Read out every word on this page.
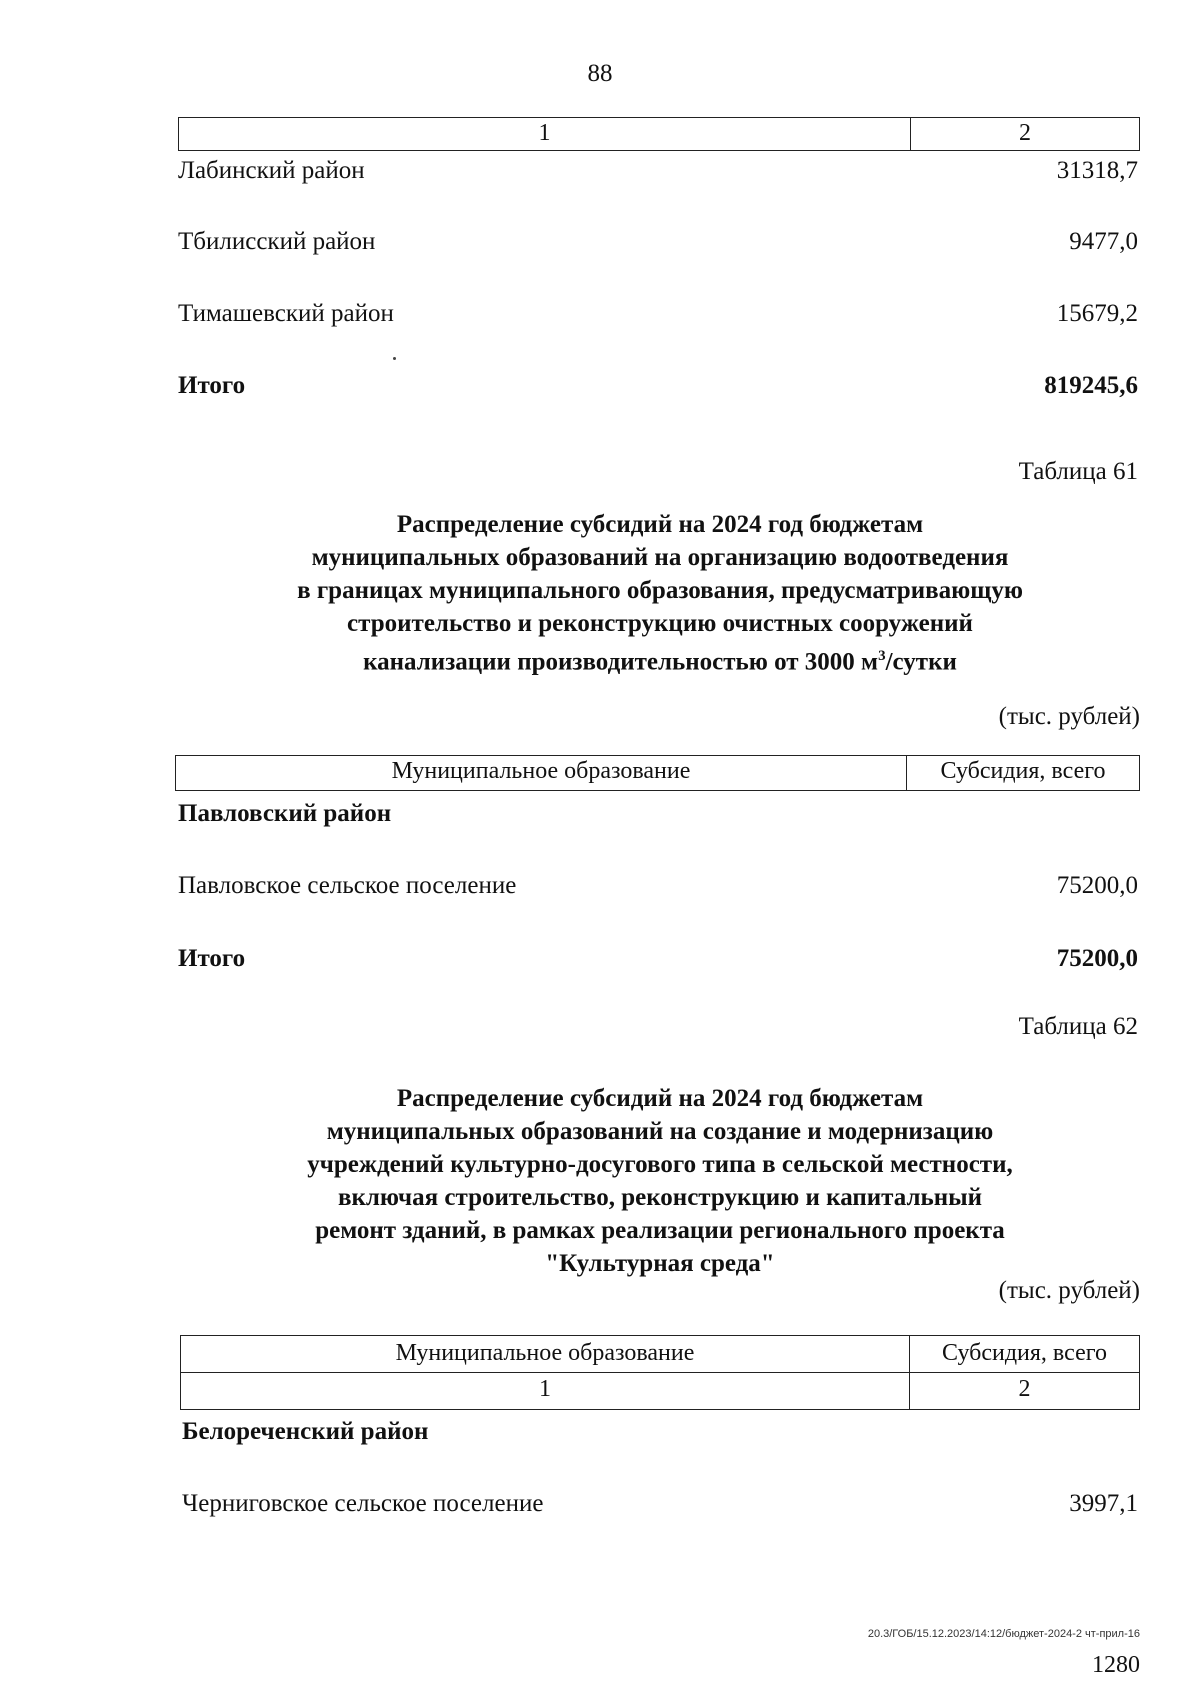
88
1	2
Лабинский район	31318,7
Тбилисский район	9477,0
Тимашевский район	15679,2
Итого	819245,6
Таблица 61
Распределение субсидий на 2024 год бюджетам
муниципальных образований на организацию водоотведения
в границах муниципального образования, предусматривающую
строительство и реконструкцию очистных сооружений
канализации производительностью от 3000 $м^3$/сутки
(тыс. рублей)
Муниципальное образование	Субсидия, всего
Павловский район
Павловское сельское поселение	75200,0
Итого	75200,0
Таблица 62
Распределение субсидий на 2024 год бюджетам
муниципальных образований на создание и модернизацию
учреждений культурно-досугового типа в сельской местности,
включая строительство, реконструкцию и капитальный
ремонт зданий, в рамках реализации регионального проекта
"Культурная среда"
(тыс. рублей)
Муниципальное образование	Субсидия, всего
1	2
Белореченский район
Черниговское сельское поселение	3997,1
20.3/ГОБ/15.12.2023/14:12/бюджет-2024-2 чт-прил-16
1280
